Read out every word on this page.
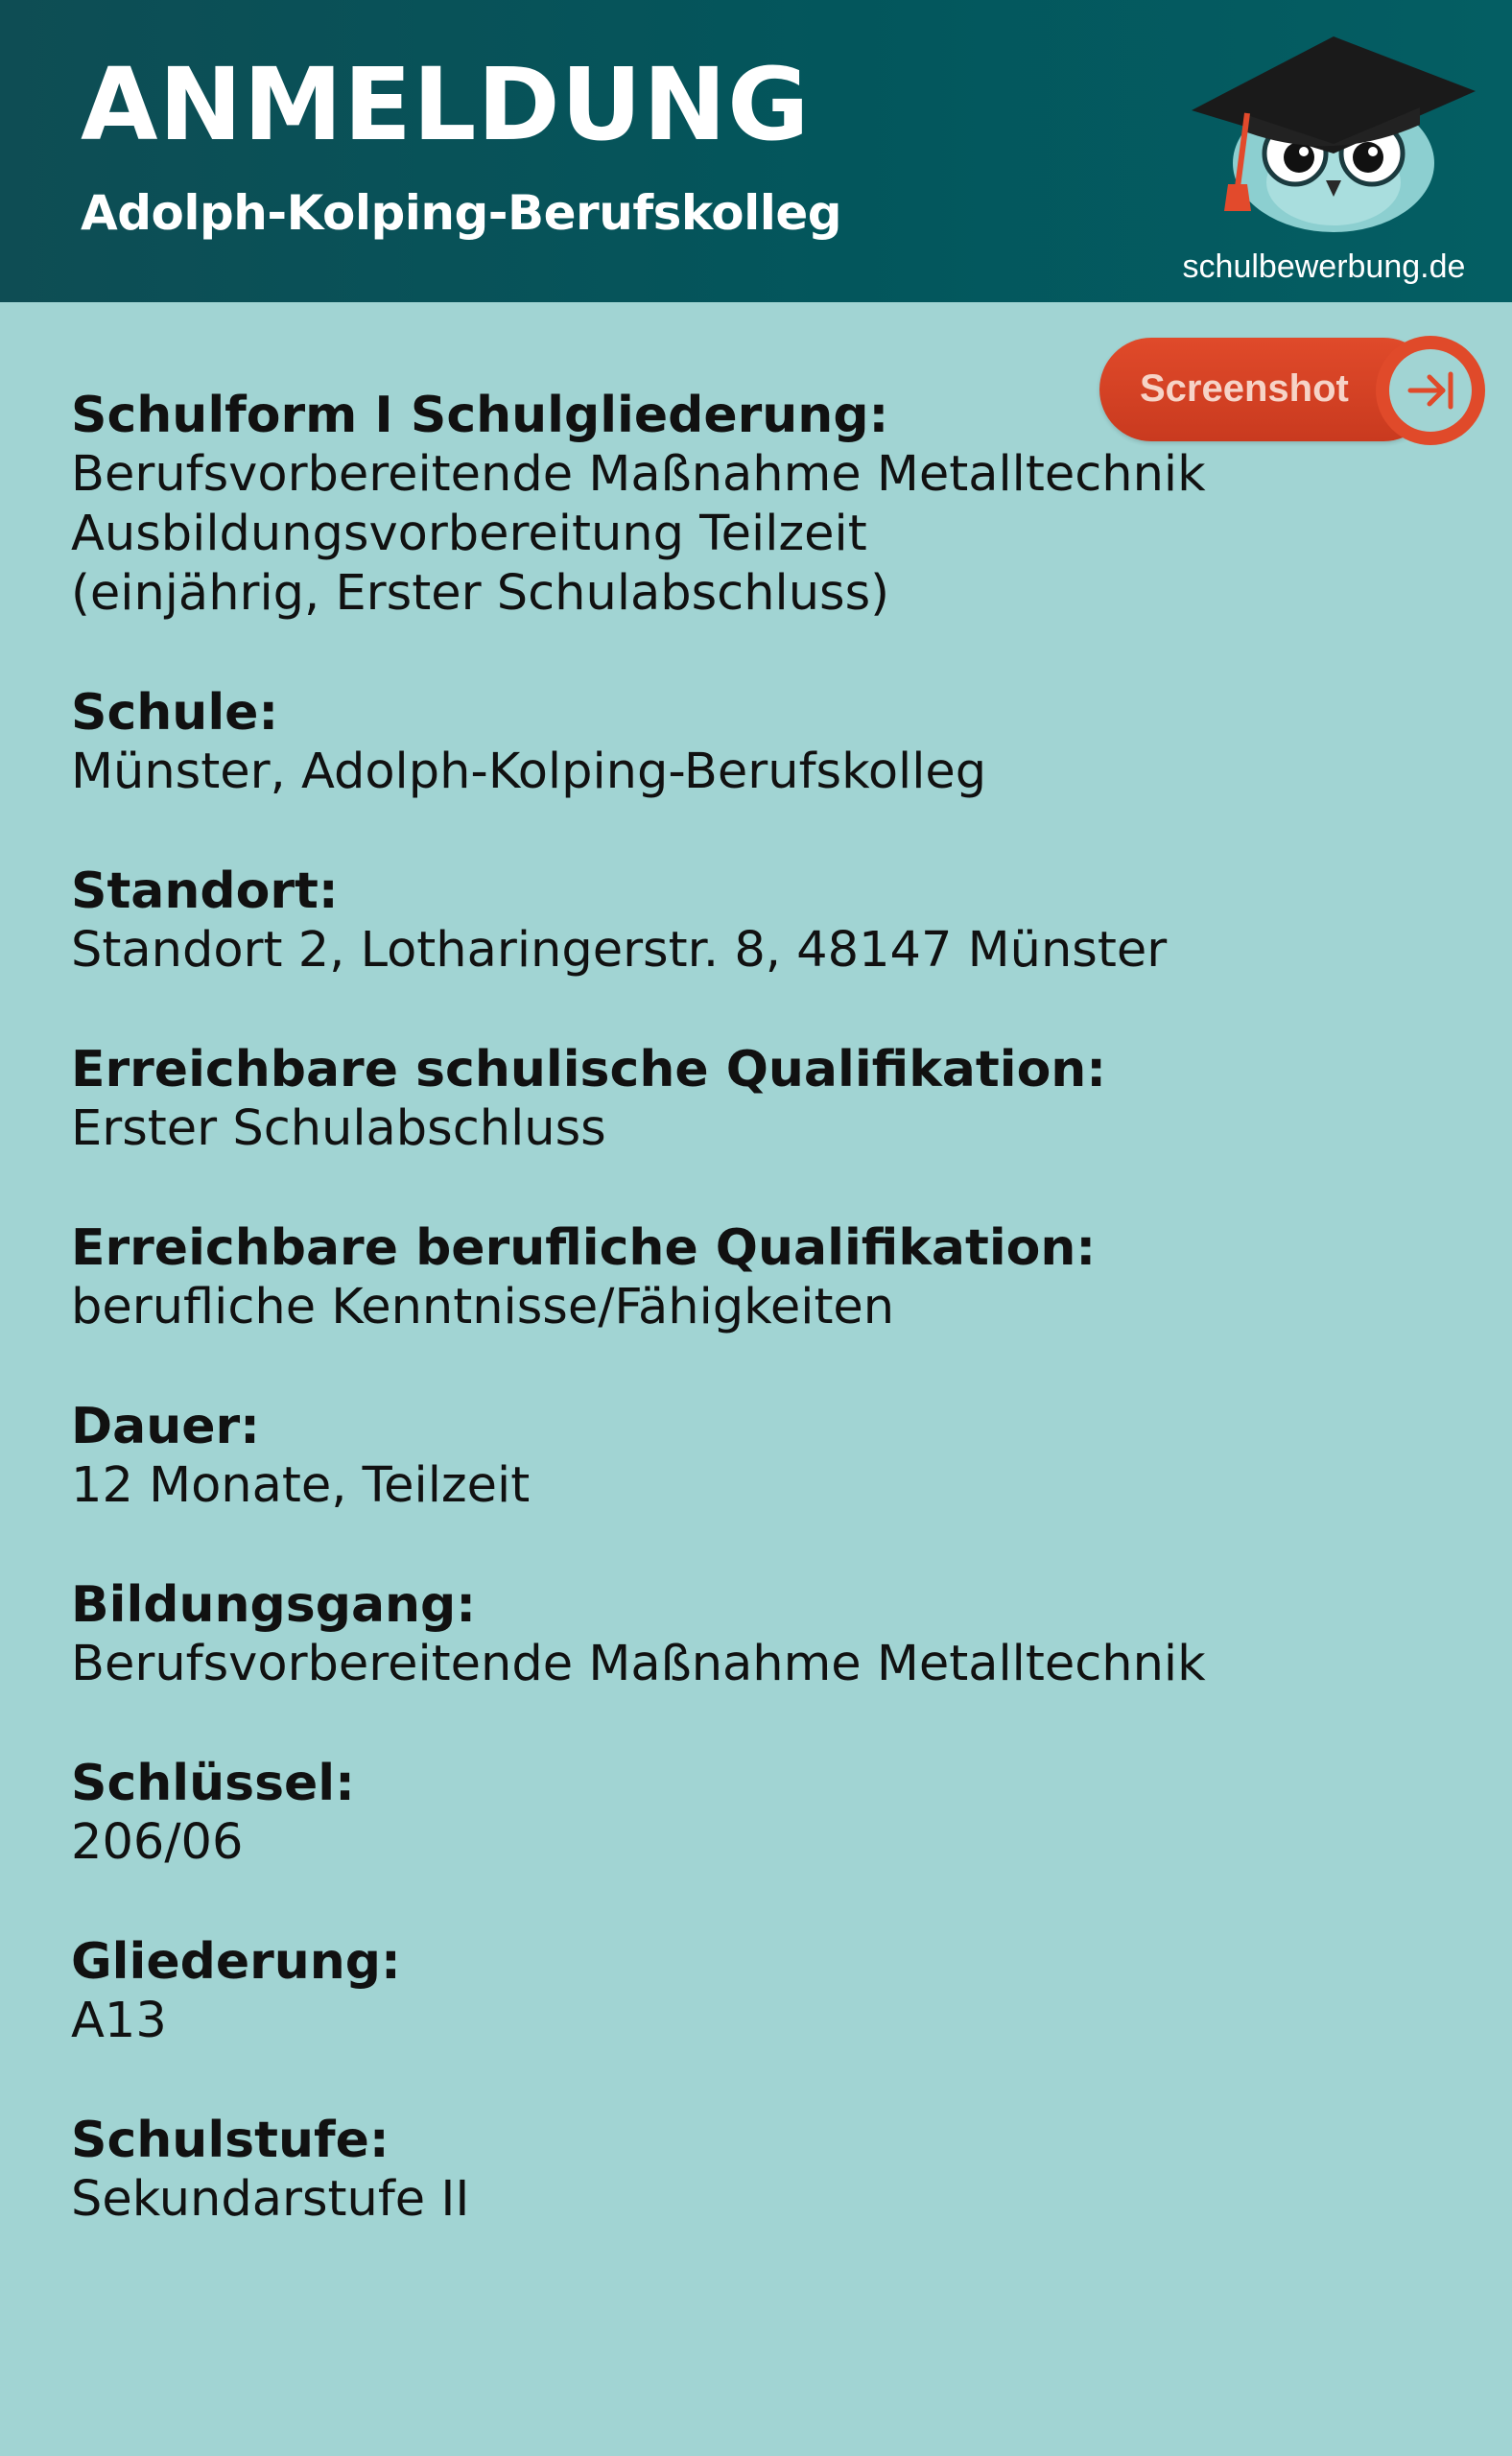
ANMELDUNG
Adolph-Kolping-Berufskolleg
schulbewerbung.de
Screenshot
Schulform I Schulgliederung:
Berufsvorbereitende Maßnahme Metalltechnik
Ausbildungsvorbereitung Teilzeit
(einjährig, Erster Schulabschluss)
Schule:
Münster, Adolph-Kolping-Berufskolleg
Standort:
Standort 2, Lotharingerstr. 8, 48147 Münster
Erreichbare schulische Qualifikation:
Erster Schulabschluss
Erreichbare berufliche Qualifikation:
berufliche Kenntnisse/Fähigkeiten
Dauer:
12 Monate, Teilzeit
Bildungsgang:
Berufsvorbereitende Maßnahme Metalltechnik
Schlüssel:
206/06
Gliederung:
A13
Schulstufe:
Sekundarstufe II
